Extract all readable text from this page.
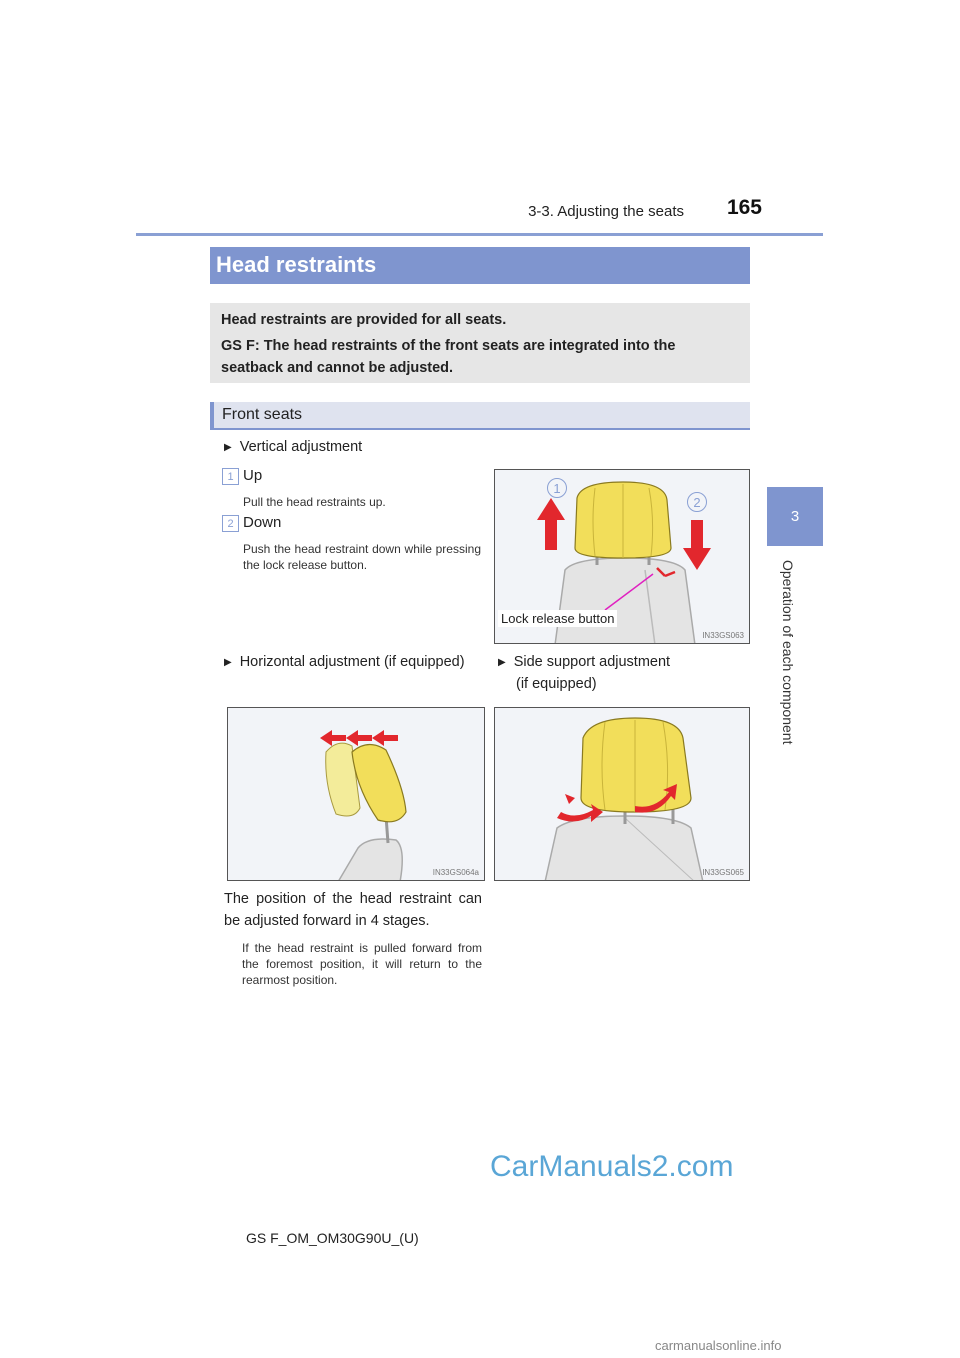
3-3. Adjusting the seats	165
3
Operation of each component
Head restraints

Head restraints are provided for all seats.

GS F: The head restraints of the front seats are integrated into the seatback and cannot be adjusted.

Front seats
▶ Vertical adjustment
1 Up
Pull the head restraints up.
2 Down
Push the head restraint down while pressing the lock release button.
1
2
Lock release button
IN33GS063
▶ Horizontal adjustment (if equipped)	▶ Side support adjustment
(if equipped)
IN33GS064a	IN33GS065
The position of the head restraint can be adjusted forward in 4 stages.
If the head restraint is pulled forward from the foremost position, it will return to the rearmost position.
CarManuals2.com
GS F_OM_OM30G90U_(U)
carmanualsonline.info
